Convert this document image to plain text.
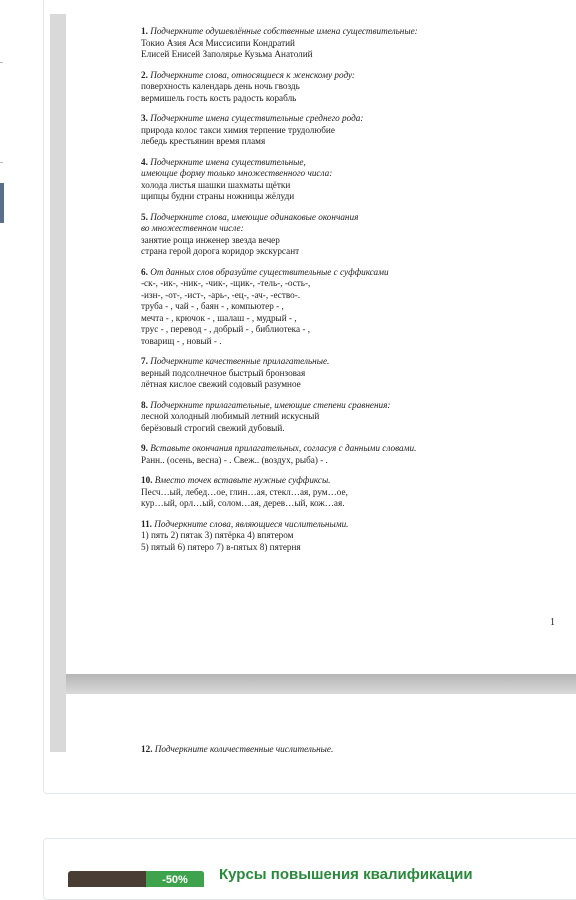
1. Подчеркните одушевлённые собственные имена существительные:
Токио Азия Ася Миссисипи Кондратий
Елисей Енисей Заполярье Кузьма Анатолий
2. Подчеркните слова, относящиеся к женскому роду:
поверхность календарь день ночь гвоздь
вермишель гость кость радость корабль
3. Подчеркните имена существительные среднего рода:
природа колос такси химия терпение трудолюбие
лебедь крестьянин время пламя
4. Подчеркните имена существительные,
имеющие форму только множественного числа:
холода листья шашки шахматы щётки
щипцы будни страны ножницы жёлуди
5. Подчеркните слова, имеющие одинаковые окончания
во множественном числе:
занятие роща инженер звезда вечер
страна герой дорога коридор экскурсант
6. От данных слов образуйте существительные с суффиксами
-ск-, -ик-, -ник-, -чик-, -щик-, -тель-, -ость-,
-изн-, -от-, -ист-, -арь-, -ец-, -ач-, -ество-.
труба - , чай - , баян - , компьютер - ,
мечта - , крючок - , шалаш - , мудрый - ,
трус - , перевод - , добрый - , библиотека - ,
товарищ - , новый - .
7. Подчеркните качественные прилагательные.
верный подсолнечное быстрый бронзовая
лётная кислое свежий содовый разумное
8. Подчеркните прилагательные, имеющие степени сравнения:
лесной холодный любимый летний искусный
берёзовый строгий свежий дубовый.
9. Вставьте окончания прилагательных, согласуя с данными словами.
Ранн.. (осень, весна) - . Свеж.. (воздух, рыба) - .
10. Вместо точек вставьте нужные суффиксы.
Песч…ый, лебед…ое, глин…ая, стекл…ая, рум…ое,
кур…ый, орл…ый, солом…ая, дерев…ый, кож…ая.
11. Подчеркните слова, являющиеся числительными.
1) пять 2) пятак 3) пятёрка 4) впятером
5) пятый 6) пятеро 7) в-пятых 8) пятерня
1
12. Подчеркните количественные числительные.
-50%	Курсы повышения квалификации
